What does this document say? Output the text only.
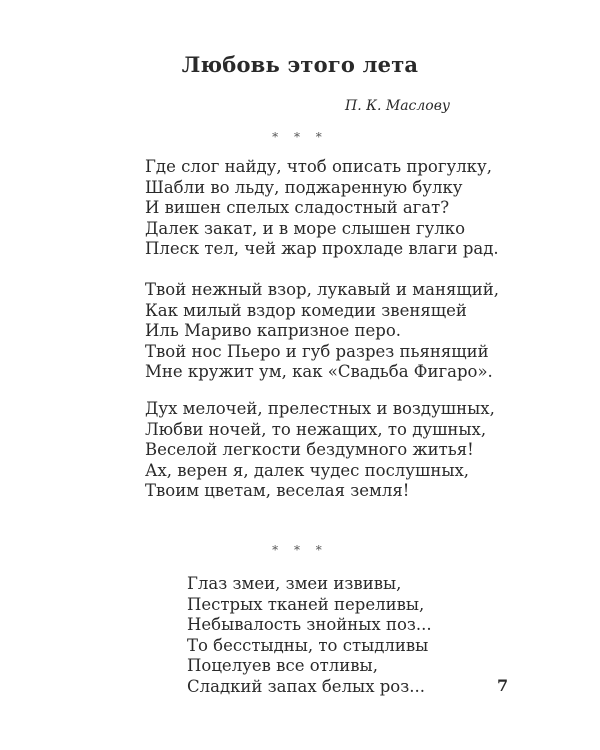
Любовь этого лета
П. К. Маслову
* * *
Где слог найду, чтоб описать прогулку,
Шабли во льду, поджаренную булку
И вишен спелых сладостный агат?
Далек закат, и в море слышен гулко
Плеск тел, чей жар прохладе влаги рад.
Твой нежный взор, лукавый и манящий,
Как милый вздор комедии звенящей
Иль Мариво капризное перо.
Твой нос Пьеро и губ разрез пьянящий
Мне кружит ум, как «Свадьба Фигаро».
Дух мелочей, прелестных и воздушных,
Любви ночей, то нежащих, то душных,
Веселой легкости бездумного житья!
Ах, верен я, далек чудес послушных,
Твоим цветам, веселая земля!
* * *
Глаз змеи, змеи извивы,
Пестрых тканей переливы,
Небывалость знойных поз...
То бесстыдны, то стыдливы
Поцелуев все отливы,
Сладкий запах белых роз...	7
